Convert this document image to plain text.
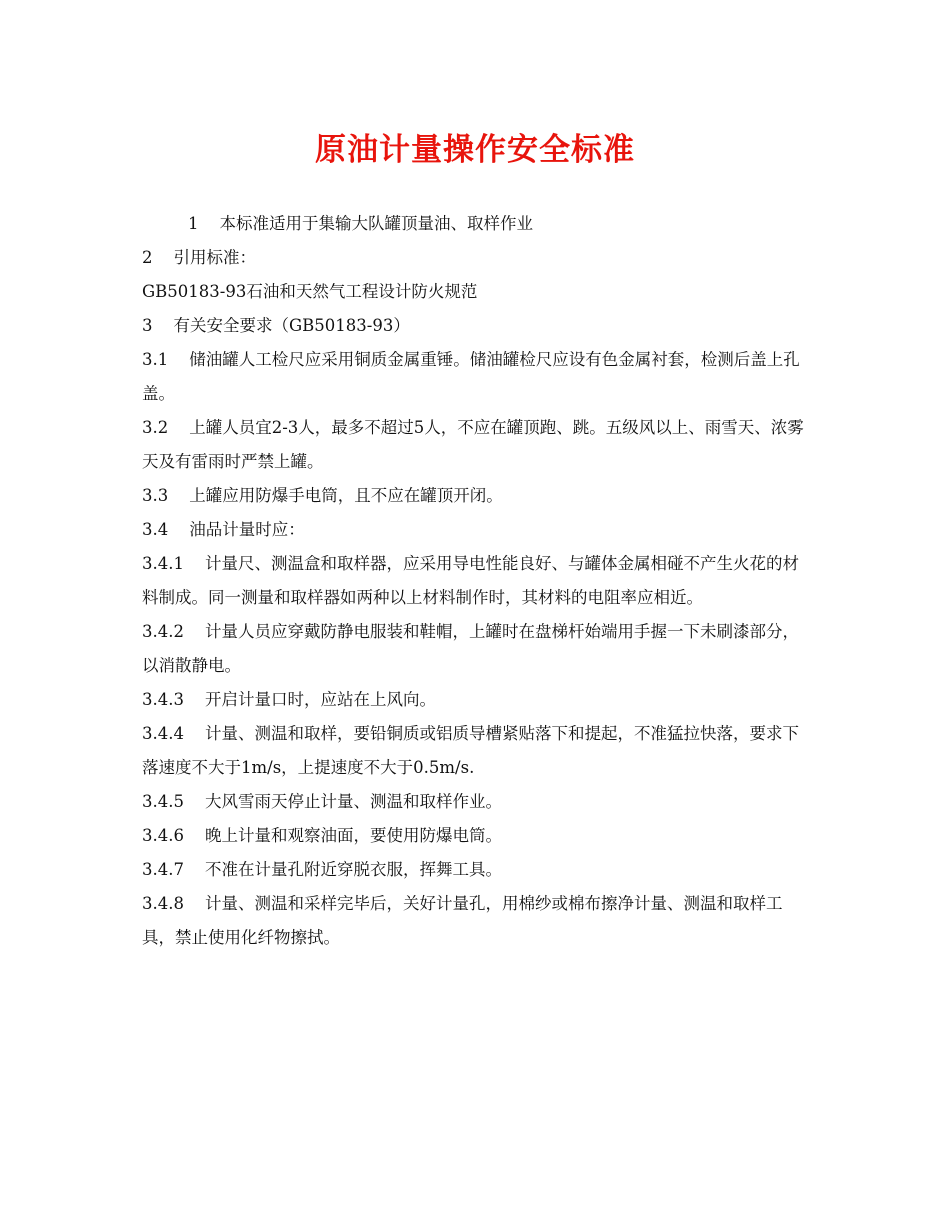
原油计量操作安全标准

1    本标准适用于集输大队罐顶量油、取样作业

2    引用标准：

GB50183-93石油和天然气工程设计防火规范

3    有关安全要求（GB50183-93）

3.1    储油罐人工检尺应采用铜质金属重锤。储油罐检尺应设有色金属衬套，检测后盖上孔盖。

3.2    上罐人员宜2-3人，最多不超过5人，不应在罐顶跑、跳。五级风以上、雨雪天、浓雾天及有雷雨时严禁上罐。

3.3    上罐应用防爆手电筒，且不应在罐顶开闭。

3.4    油品计量时应：

3.4.1    计量尺、测温盒和取样器，应采用导电性能良好、与罐体金属相碰不产生火花的材料制成。同一测量和取样器如两种以上材料制作时，其材料的电阻率应相近。

3.4.2    计量人员应穿戴防静电服装和鞋帽，上罐时在盘梯杆始端用手握一下未刷漆部分，以消散静电。

3.4.3    开启计量口时，应站在上风向。

3.4.4    计量、测温和取样，要铅铜质或铝质导槽紧贴落下和提起，不准猛拉快落，要求下落速度不大于1m/s，上提速度不大于0.5m/s.

3.4.5    大风雪雨天停止计量、测温和取样作业。

3.4.6    晚上计量和观察油面，要使用防爆电筒。

3.4.7    不准在计量孔附近穿脱衣服，挥舞工具。

3.4.8    计量、测温和采样完毕后，关好计量孔，用棉纱或棉布擦净计量、测温和取样工具，禁止使用化纤物擦拭。
